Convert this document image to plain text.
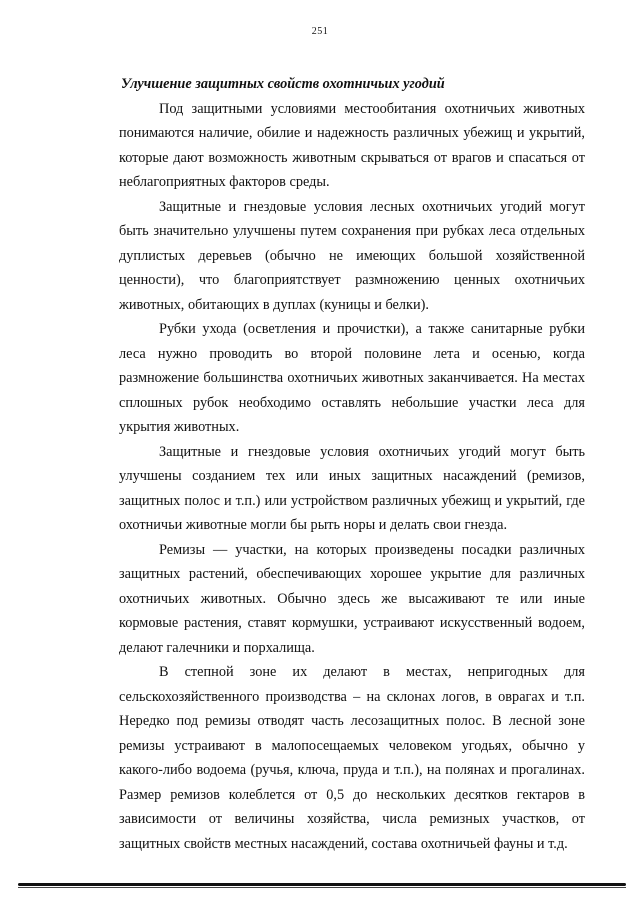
251

Улучшение защитных свойств охотничьих угодий

Под защитными условиями местообитания охотничьих животных понимаются наличие, обилие и надежность различных убежищ и укрытий, которые дают возможность животным скрываться от врагов и спасаться от неблагоприятных факторов среды.

Защитные и гнездовые условия лесных охотничьих угодий могут быть значительно улучшены путем сохранения при рубках леса отдельных дуплистых деревьев (обычно не имеющих большой хозяйственной ценности), что благоприятствует размножению ценных охотничьих животных, обитающих в дуплах (куницы и белки).

Рубки ухода (осветления и прочистки), а также санитарные рубки леса нужно проводить во второй половине лета и осенью, когда размножение большинства охотничьих животных заканчивается. На местах сплошных рубок необходимо оставлять небольшие участки леса для укрытия животных.

Защитные и гнездовые условия охотничьих угодий могут быть улучшены созданием тех или иных защитных насаждений (ремизов, защитных полос и т.п.) или устройством различных убежищ и укрытий, где охотничьи животные могли бы рыть норы и делать свои гнезда.

Ремизы — участки, на которых произведены посадки различных защитных растений, обеспечивающих хорошее укрытие для различных охотничьих животных. Обычно здесь же высаживают те или иные кормовые растения, ставят кормушки, устраивают искусственный водоем, делают галечники и порхалища.

В степной зоне их делают в местах, непригодных для сельскохозяйственного производства – на склонах логов, в оврагах и т.п. Нередко под ремизы отводят часть лесозащитных полос. В лесной зоне ремизы устраивают в малопосещаемых человеком угодьях, обычно у какого-либо водоема (ручья, ключа, пруда и т.п.), на полянах и прогалинах. Размер ремизов колеблется от 0,5 до нескольких десятков гектаров в зависимости от величины хозяйства, числа ремизных участков, от защитных свойств местных насаждений, состава охотничьей фауны и т.д.
